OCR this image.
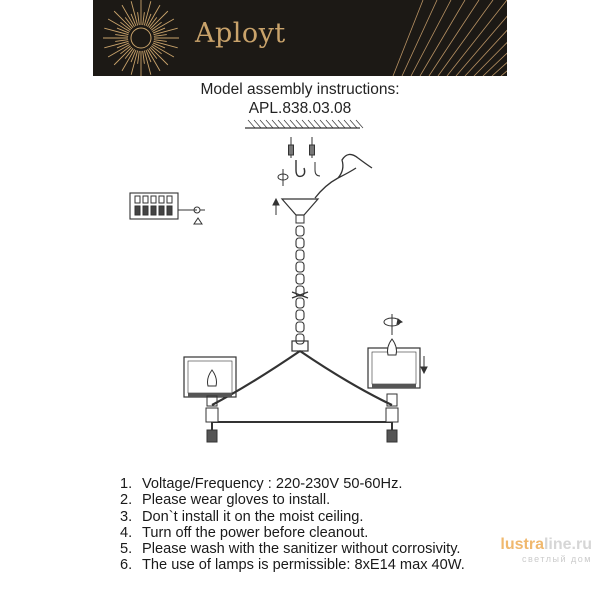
Aployt
Model assembly instructions:
APL.838.03.08
1. Voltage/Frequency : 220-230V 50-60Hz.
2. Please wear gloves to install.
3. Don`t install it on the moist ceiling.
4. Turn off the power before cleanout.
5. Please wash with the sanitizer without corrosivity.
6. The use of lamps is permissible: 8xE14 max 40W.
lustraline.ru
светлый дом
